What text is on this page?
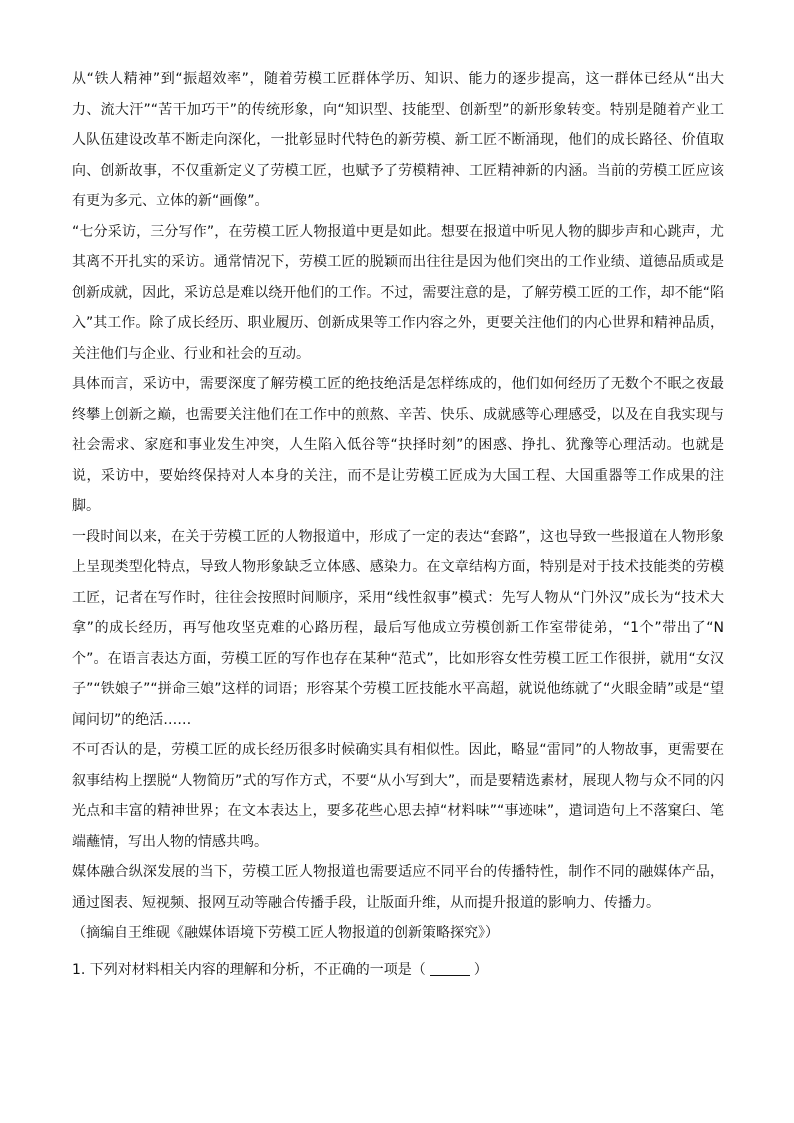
从“铁人精神”到“振超效率”，随着劳模工匠群体学历、知识、能力的逐步提高，这一群体已经从“出大力、流大汗”“苦干加巧干”的传统形象，向“知识型、技能型、创新型”的新形象转变。特别是随着产业工人队伍建设改革不断走向深化，一批彰显时代特色的新劳模、新工匠不断涌现，他们的成长路径、价值取向、创新故事，不仅重新定义了劳模工匠，也赋予了劳模精神、工匠精神新的内涵。当前的劳模工匠应该有更为多元、立体的新“画像”。

“七分采访，三分写作”，在劳模工匠人物报道中更是如此。想要在报道中听见人物的脚步声和心跳声，尤其离不开扎实的采访。通常情况下，劳模工匠的脱颖而出往往是因为他们突出的工作业绩、道德品质或是创新成就，因此，采访总是难以绕开他们的工作。不过，需要注意的是，了解劳模工匠的工作，却不能“陷入”其工作。除了成长经历、职业履历、创新成果等工作内容之外，更要关注他们的内心世界和精神品质，关注他们与企业、行业和社会的互动。

具体而言，采访中，需要深度了解劳模工匠的绝技绝活是怎样练成的，他们如何经历了无数个不眠之夜最终攀上创新之巅，也需要关注他们在工作中的煎熬、辛苦、快乐、成就感等心理感受，以及在自我实现与社会需求、家庭和事业发生冲突，人生陷入低谷等“抉择时刻”的困惑、挣扎、犹豫等心理活动。也就是说，采访中，要始终保持对人本身的关注，而不是让劳模工匠成为大国工程、大国重器等工作成果的注脚。

一段时间以来，在关于劳模工匠的人物报道中，形成了一定的表达“套路”，这也导致一些报道在人物形象上呈现类型化特点，导致人物形象缺乏立体感、感染力。在文章结构方面，特别是对于技术技能类的劳模工匠，记者在写作时，往往会按照时间顺序，采用“线性叙事”模式：先写人物从“门外汉”成长为“技术大拿”的成长经历，再写他攻坚克难的心路历程，最后写他成立劳模创新工作室带徒弟，“1个”带出了“N个”。在语言表达方面，劳模工匠的写作也存在某种“范式”，比如形容女性劳模工匠工作很拼，就用“女汉子”“铁娘子”“拼命三娘”这样的词语；形容某个劳模工匠技能水平高超，就说他练就了“火眼金睛”或是“望闻问切”的绝活……

不可否认的是，劳模工匠的成长经历很多时候确实具有相似性。因此，略显“雷同”的人物故事，更需要在叙事结构上摆脱“人物简历”式的写作方式，不要“从小写到大”，而是要精选素材，展现人物与众不同的闪光点和丰富的精神世界；在文本表达上，要多花些心思去掉“材料味”“事迹味”，遣词造句上不落窠臼、笔端蘸情，写出人物的情感共鸣。

媒体融合纵深发展的当下，劳模工匠人物报道也需要适应不同平台的传播特性，制作不同的融媒体产品，通过图表、短视频、报网互动等融合传播手段，让版面升维，从而提升报道的影响力、传播力。

（摘编自王维砚《融媒体语境下劳模工匠人物报道的创新策略探究》）

1. 下列对材料相关内容的理解和分析，不正确的一项是（	）
